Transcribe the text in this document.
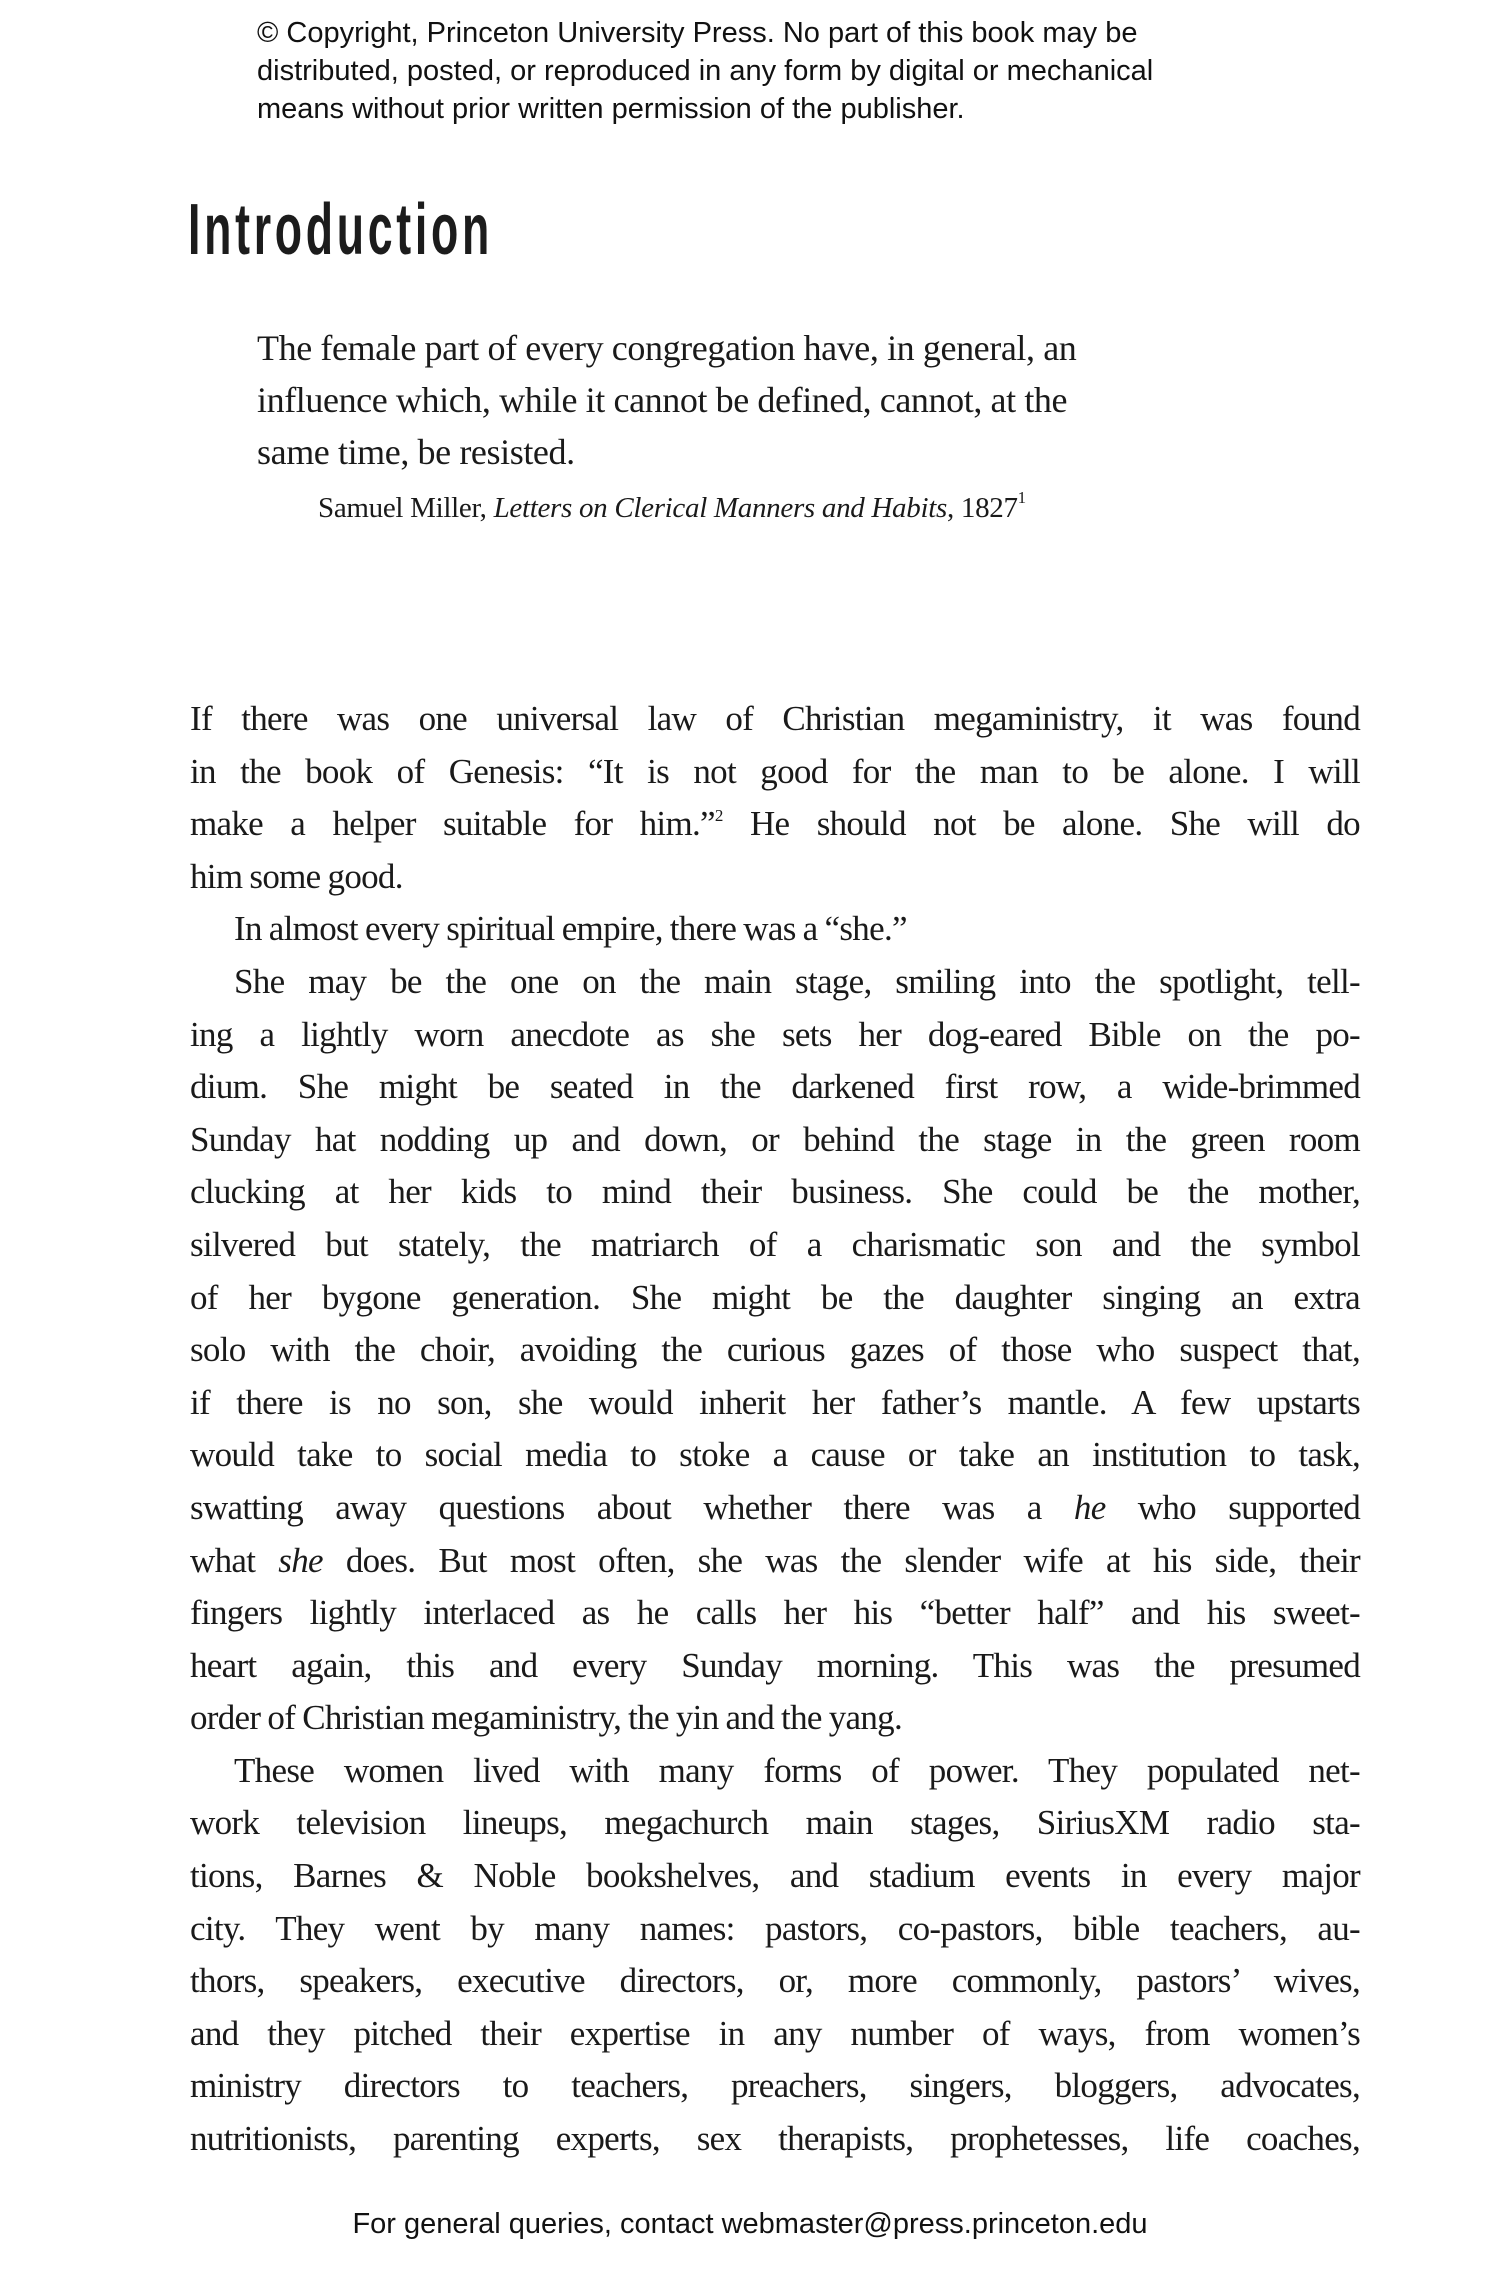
© Copyright, Princeton University Press. No part of this book may be
distributed, posted, or reproduced in any form by digital or mechanical
means without prior written permission of the publisher.
Introduction
The female part of every congregation have, in general, an
influence which, while it cannot be defined, cannot, at the
same time, be resisted.
Samuel Miller, Letters on Clerical Manners and Habits, 1827$^1$
If there was one universal law of Christian megaministry, it was found
in the book of Genesis: “It is not good for the man to be alone. I will
make a helper suitable for him.”$^2$ He should not be alone. She will do
him some good.
In almost every spiritual empire, there was a “she.”
She may be the one on the main stage, smiling into the spotlight, tell-
ing a lightly worn anecdote as she sets her dog-eared Bible on the po-
dium. She might be seated in the darkened first row, a wide-brimmed
Sunday hat nodding up and down, or behind the stage in the green room
clucking at her kids to mind their business. She could be the mother,
silvered but stately, the matriarch of a charismatic son and the symbol
of her bygone generation. She might be the daughter singing an extra
solo with the choir, avoiding the curious gazes of those who suspect that,
if there is no son, she would inherit her father’s mantle. A few upstarts
would take to social media to stoke a cause or take an institution to task,
swatting away questions about whether there was a he who supported
what she does. But most often, she was the slender wife at his side, their
fingers lightly interlaced as he calls her his “better half” and his sweet-
heart again, this and every Sunday morning. This was the presumed
order of Christian megaministry, the yin and the yang.
These women lived with many forms of power. They populated net-
work television lineups, megachurch main stages, SiriusXM radio sta-
tions, Barnes & Noble bookshelves, and stadium events in every major
city. They went by many names: pastors, co-pastors, bible teachers, au-
thors, speakers, executive directors, or, more commonly, pastors’ wives,
and they pitched their expertise in any number of ways, from women’s
ministry directors to teachers, preachers, singers, bloggers, advocates,
nutritionists, parenting experts, sex therapists, prophetesses, life coaches,
For general queries, contact webmaster@press.princeton.edu
